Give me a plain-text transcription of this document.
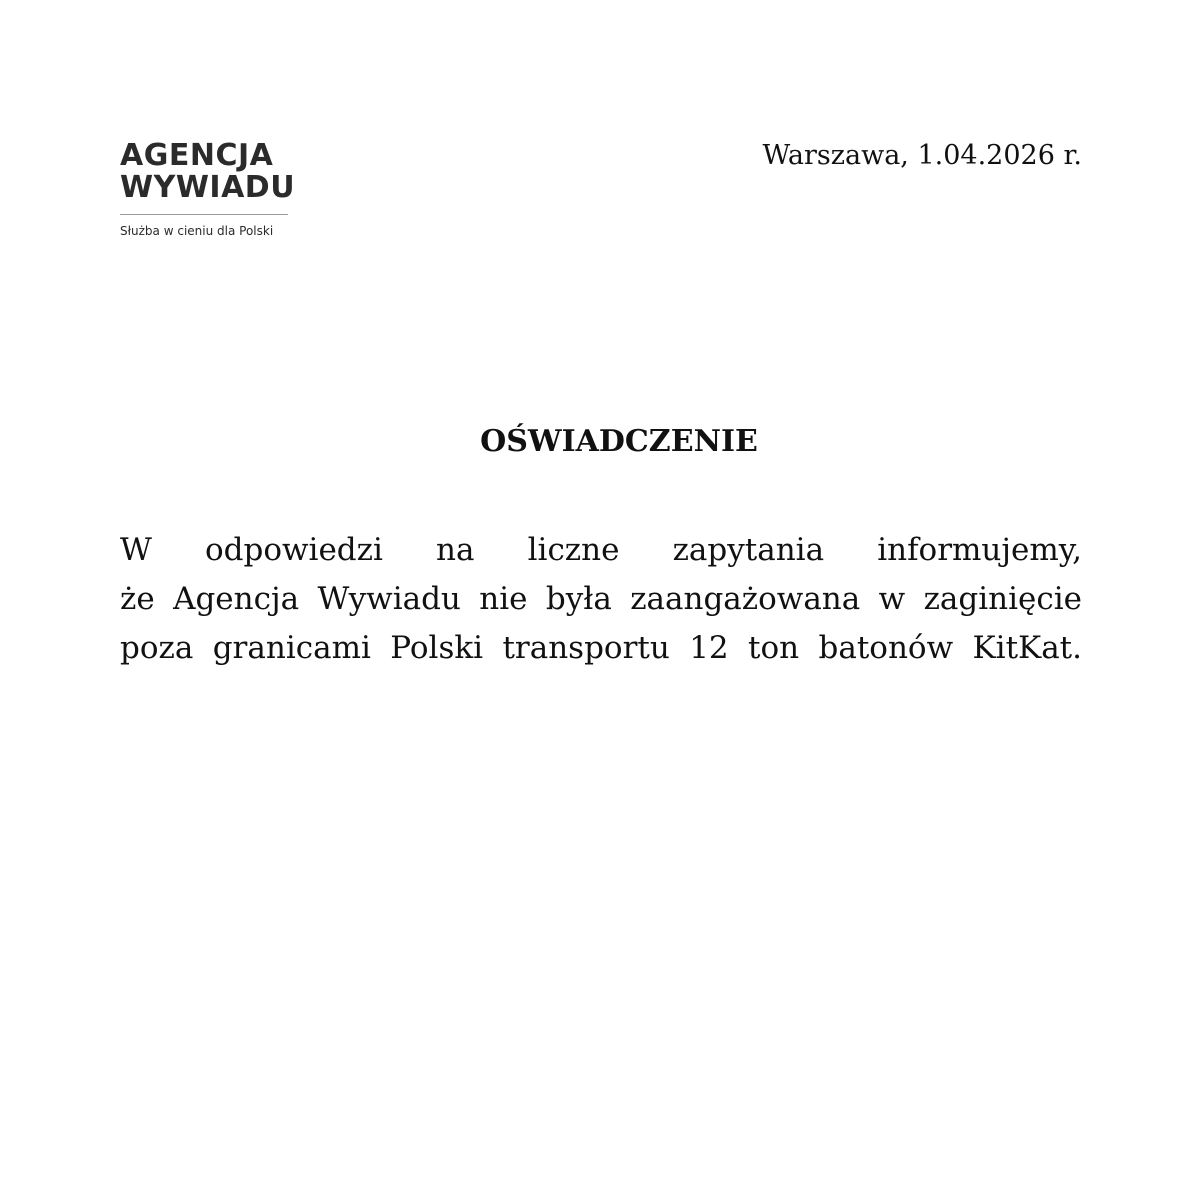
AGENCJA
WYWIADU
Służba w cieniu dla Polski
Warszawa, 1.04.2026 r.
OŚWIADCZENIE
W odpowiedzi na liczne zapytania informujemy,
że Agencja Wywiadu nie była zaangażowana w zaginięcie
poza granicami Polski transportu 12 ton batonów KitKat.
